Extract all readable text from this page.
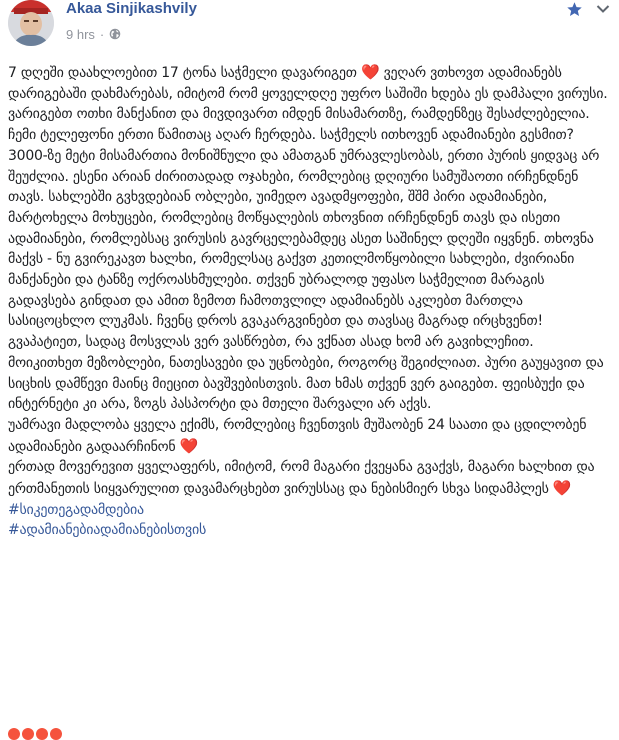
Akaa Sinjikashvily
9 hrs ·

7 დღეში დაახლოებით 17 ტონა საჭმელი დავარიგეთ ❤️ ვეღარ ვთხოვთ ადამიანებს დარიგებაში დახმარებას, იმიტომ რომ ყოველდღე უფრო საშიში ხდება ეს დამპალი ვირუსი. ვარიგებთ ოთხი მანქანით და მივდივართ იმდენ მისამართზე, რამდენზეც შესაძლებელია. ჩემი ტელეფონი ერთი წამითაც აღარ ჩერდება. საჭმელს ითხოვენ ადამიანები გესმით? 3000-ზე მეტი მისამართია მონიშნული და ამათგან უმრავლესობას, ერთი პურის ყიდვაც არ შეუძლია. ესენი არიან ძირითადად ოჯახები, რომლებიც დღიური სამუშაოთი ირჩენდნენ თავს. სახლებში გვხვდებიან ობლები, უიმედო ავადმყოფები, შშმ პირი ადამიანები, მარტოხელა მოხუცები, რომლებიც მოწყალების თხოვნით ირჩენდნენ თავს და ისეთი ადამიანები, რომლებსაც ვირუსის გავრცელებამდეც ასეთ საშინელ დღეში იყვნენ. თხოვნა მაქვს - ნუ გვირეკავთ ხალხი, რომელსაც გაქვთ კეთილმოწყობილი სახლები, ძვირიანი მანქანები და ტანზე ოქროასხმულები. თქვენ უბრალოდ უფასო საჭმელით მარაგის გადავსება გინდათ და ამით ზემოთ ჩამოთვლილ ადამიანებს აკლებთ მართლა სასიცოცხლო ლუკმას. ჩვენც დროს გვაკარგვინებთ და თავსაც მაგრად ირცხვენთ! გვაპატიეთ, სადაც მოსვლას ვერ ვასწრებთ, რა ვქნათ ასად ხომ არ გავიხლეჩით. მოიკითხეთ მეზობლები, ნათესავები და უცნობები, როგორც შეგიძლიათ. პური გაუყავით და სიცხის დამწევი მაინც მიეცით ბავშვებისთვის. მათ ხმას თქვენ ვერ გაიგებთ. ფეისბუქი და ინტერნეტი კი არა, ზოგს პასპორტი და მთელი შარვალი არ აქვს.

უამრავი მადლობა ყველა ექიმს, რომლებიც ჩვენთვის მუშაობენ 24 საათი და ცდილობენ ადამიანები გადაარჩინონ ❤️

ერთად მოვერევით ყველაფერს, იმიტომ, რომ მაგარი ქვეყანა გვაქვს, მაგარი ხალხით და ერთმანეთის სიყვარულით დავამარცხებთ ვირუსსაც და ნებისმიერ სხვა სიდამპლეს ❤️

#სიკეთეგადამდებია
#ადამიანებიადამიანებისთვის
